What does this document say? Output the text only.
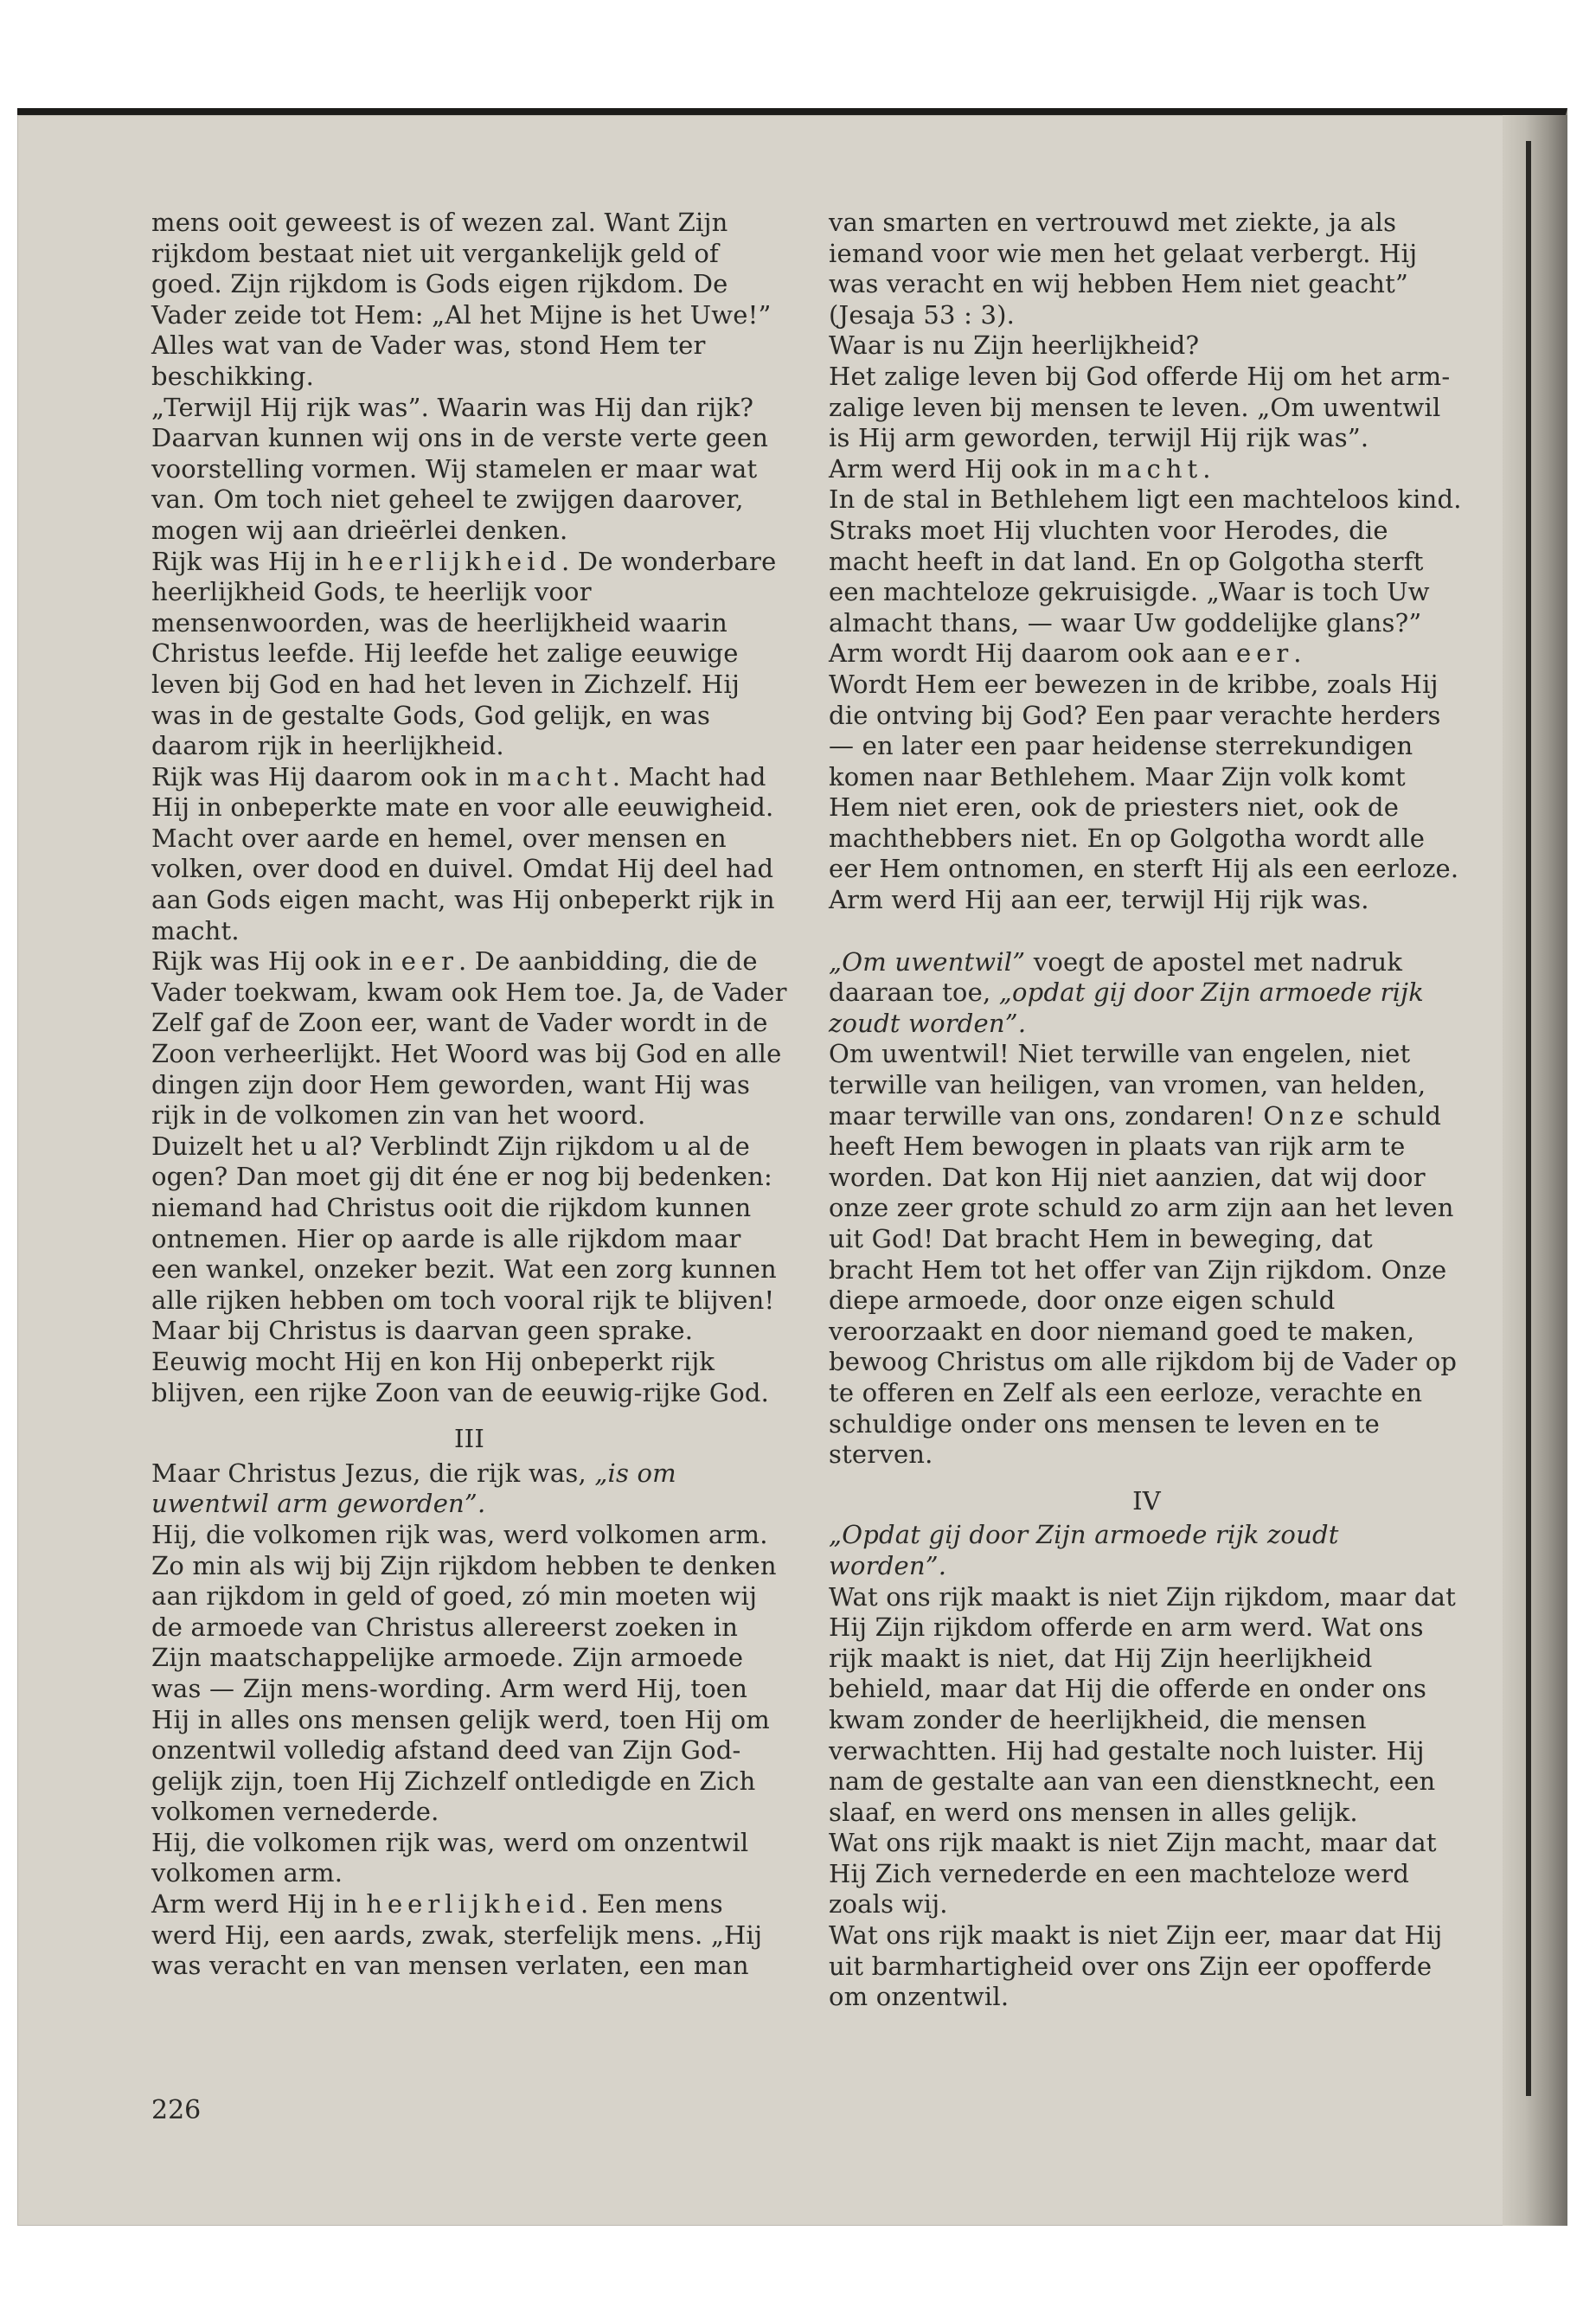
mens ooit geweest is of wezen zal. Want Zijn rijkdom bestaat niet uit vergankelijk geld of goed. Zijn rijkdom is Gods eigen rijkdom. De Vader zeide tot Hem: „Al het Mijne is het Uwe!” Alles wat van de Vader was, stond Hem ter beschikking.

„Terwijl Hij rijk was”. Waarin was Hij dan rijk? Daarvan kunnen wij ons in de verste verte geen voorstelling vormen. Wij stamelen er maar wat van. Om toch niet geheel te zwijgen daarover, mogen wij aan drieërlei denken.

Rijk was Hij in heerlijkheid. De wonderbare heerlijkheid Gods, te heerlijk voor mensenwoorden, was de heerlijkheid waarin Christus leefde. Hij leefde het zalige eeuwige leven bij God en had het leven in Zichzelf. Hij was in de gestalte Gods, God gelijk, en was daarom rijk in heerlijkheid.

Rijk was Hij daarom ook in macht. Macht had Hij in onbeperkte mate en voor alle eeuwigheid. Macht over aarde en hemel, over mensen en volken, over dood en duivel. Omdat Hij deel had aan Gods eigen macht, was Hij onbeperkt rijk in macht.

Rijk was Hij ook in eer. De aanbidding, die de Vader toekwam, kwam ook Hem toe. Ja, de Vader Zelf gaf de Zoon eer, want de Vader wordt in de Zoon verheerlijkt. Het Woord was bij God en alle dingen zijn door Hem geworden, want Hij was rijk in de volkomen zin van het woord.

Duizelt het u al? Verblindt Zijn rijkdom u al de ogen? Dan moet gij dit éne er nog bij bedenken: niemand had Christus ooit die rijkdom kunnen ontnemen. Hier op aarde is alle rijkdom maar een wankel, onzeker bezit. Wat een zorg kunnen alle rijken hebben om toch vooral rijk te blijven! Maar bij Christus is daarvan geen sprake. Eeuwig mocht Hij en kon Hij onbeperkt rijk blijven, een rijke Zoon van de eeuwig-rijke God.

III

Maar Christus Jezus, die rijk was, „is om uwentwil arm geworden”.

Hij, die volkomen rijk was, werd volkomen arm. Zo min als wij bij Zijn rijkdom hebben te denken aan rijkdom in geld of goed, zó min moeten wij de armoede van Christus allereerst zoeken in Zijn maatschappelijke armoede. Zijn armoede was — Zijn mens-wording. Arm werd Hij, toen Hij in alles ons mensen gelijk werd, toen Hij om onzentwil volledig afstand deed van Zijn God-gelijk zijn, toen Hij Zichzelf ontledigde en Zich volkomen vernederde.

Hij, die volkomen rijk was, werd om onzentwil volkomen arm.

Arm werd Hij in heerlijkheid. Een mens werd Hij, een aards, zwak, sterfelijk mens. „Hij was veracht en van mensen verlaten, een man

226

van smarten en vertrouwd met ziekte, ja als iemand voor wie men het gelaat verbergt. Hij was veracht en wij hebben Hem niet geacht” (Jesaja 53 : 3).

Waar is nu Zijn heerlijkheid?

Het zalige leven bij God offerde Hij om het arm-zalige leven bij mensen te leven. „Om uwentwil is Hij arm geworden, terwijl Hij rijk was”.

Arm werd Hij ook in macht.

In de stal in Bethlehem ligt een machteloos kind. Straks moet Hij vluchten voor Herodes, die macht heeft in dat land. En op Golgotha sterft een machteloze gekruisigde. „Waar is toch Uw almacht thans, — waar Uw goddelijke glans?”

Arm wordt Hij daarom ook aan eer.

Wordt Hem eer bewezen in de kribbe, zoals Hij die ontving bij God? Een paar verachte herders — en later een paar heidense sterrekundigen komen naar Bethlehem. Maar Zijn volk komt Hem niet eren, ook de priesters niet, ook de machthebbers niet. En op Golgotha wordt alle eer Hem ontnomen, en sterft Hij als een eerloze. Arm werd Hij aan eer, terwijl Hij rijk was.

„Om uwentwil” voegt de apostel met nadruk daaraan toe, „opdat gij door Zijn armoede rijk zoudt worden”.

Om uwentwil! Niet terwille van engelen, niet terwille van heiligen, van vromen, van helden, maar terwille van ons, zondaren! Onze schuld heeft Hem bewogen in plaats van rijk arm te worden. Dat kon Hij niet aanzien, dat wij door onze zeer grote schuld zo arm zijn aan het leven uit God! Dat bracht Hem in beweging, dat bracht Hem tot het offer van Zijn rijkdom. Onze diepe armoede, door onze eigen schuld veroorzaakt en door niemand goed te maken, bewoog Christus om alle rijkdom bij de Vader op te offeren en Zelf als een eerloze, verachte en schuldige onder ons mensen te leven en te sterven.

IV

„Opdat gij door Zijn armoede rijk zoudt worden”.

Wat ons rijk maakt is niet Zijn rijkdom, maar dat Hij Zijn rijkdom offerde en arm werd. Wat ons rijk maakt is niet, dat Hij Zijn heerlijkheid behield, maar dat Hij die offerde en onder ons kwam zonder de heerlijkheid, die mensen verwachtten. Hij had gestalte noch luister. Hij nam de gestalte aan van een dienstknecht, een slaaf, en werd ons mensen in alles gelijk.

Wat ons rijk maakt is niet Zijn macht, maar dat Hij Zich vernederde en een machteloze werd zoals wij.

Wat ons rijk maakt is niet Zijn eer, maar dat Hij uit barmhartigheid over ons Zijn eer opofferde om onzentwil.
